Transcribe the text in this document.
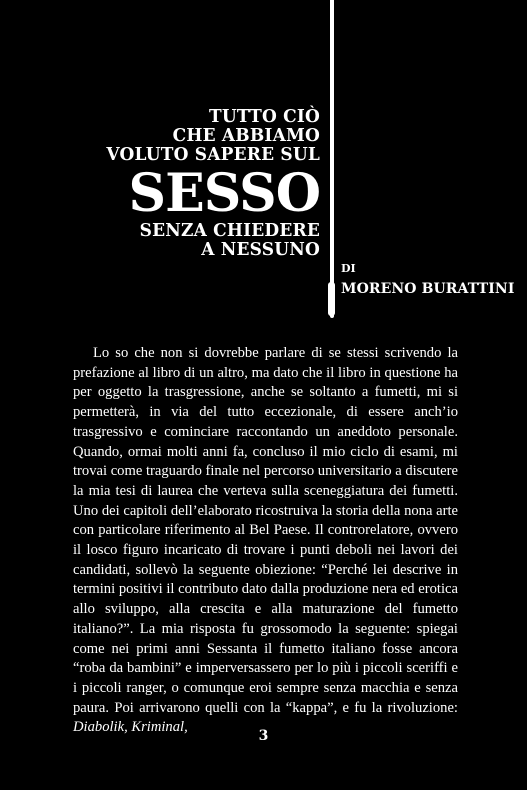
TUTTO CIÒ
CHE ABBIAMO
VOLUTO SAPERE SUL
SESSO
SENZA CHIEDERE
A NESSUNO
DI
MORENO BURATTINI

Lo so che non si dovrebbe parlare di se stessi scrivendo la prefazione al libro di un altro, ma dato che il libro in questione ha per oggetto la trasgressione, anche se soltanto a fumetti, mi si permetterà, in via del tutto eccezionale, di essere anch’io trasgressivo e cominciare raccontando un aneddoto personale. Quando, ormai molti anni fa, concluso il mio ciclo di esami, mi trovai come traguardo finale nel percorso universitario a discutere la mia tesi di laurea che verteva sulla sceneggiatura dei fumetti. Uno dei capitoli dell’elaborato ricostruiva la storia della nona arte con particolare riferimento al Bel Paese. Il controrelatore, ovvero il losco figuro incaricato di trovare i punti deboli nei lavori dei candidati, sollevò la seguente obiezione: “Perché lei descrive in termini positivi il contributo dato dalla produzione nera ed erotica allo sviluppo, alla crescita e alla maturazione del fumetto italiano?”. La mia risposta fu grossomodo la seguente: spiegai come nei primi anni Sessanta il fumetto italiano fosse ancora “roba da bambini” e imperversassero per lo più i piccoli sceriffi e i piccoli ranger, o comunque eroi sempre senza macchia e senza paura. Poi arrivarono quelli con la “kappa”, e fu la rivoluzione: Diabolik, Kriminal,

3
